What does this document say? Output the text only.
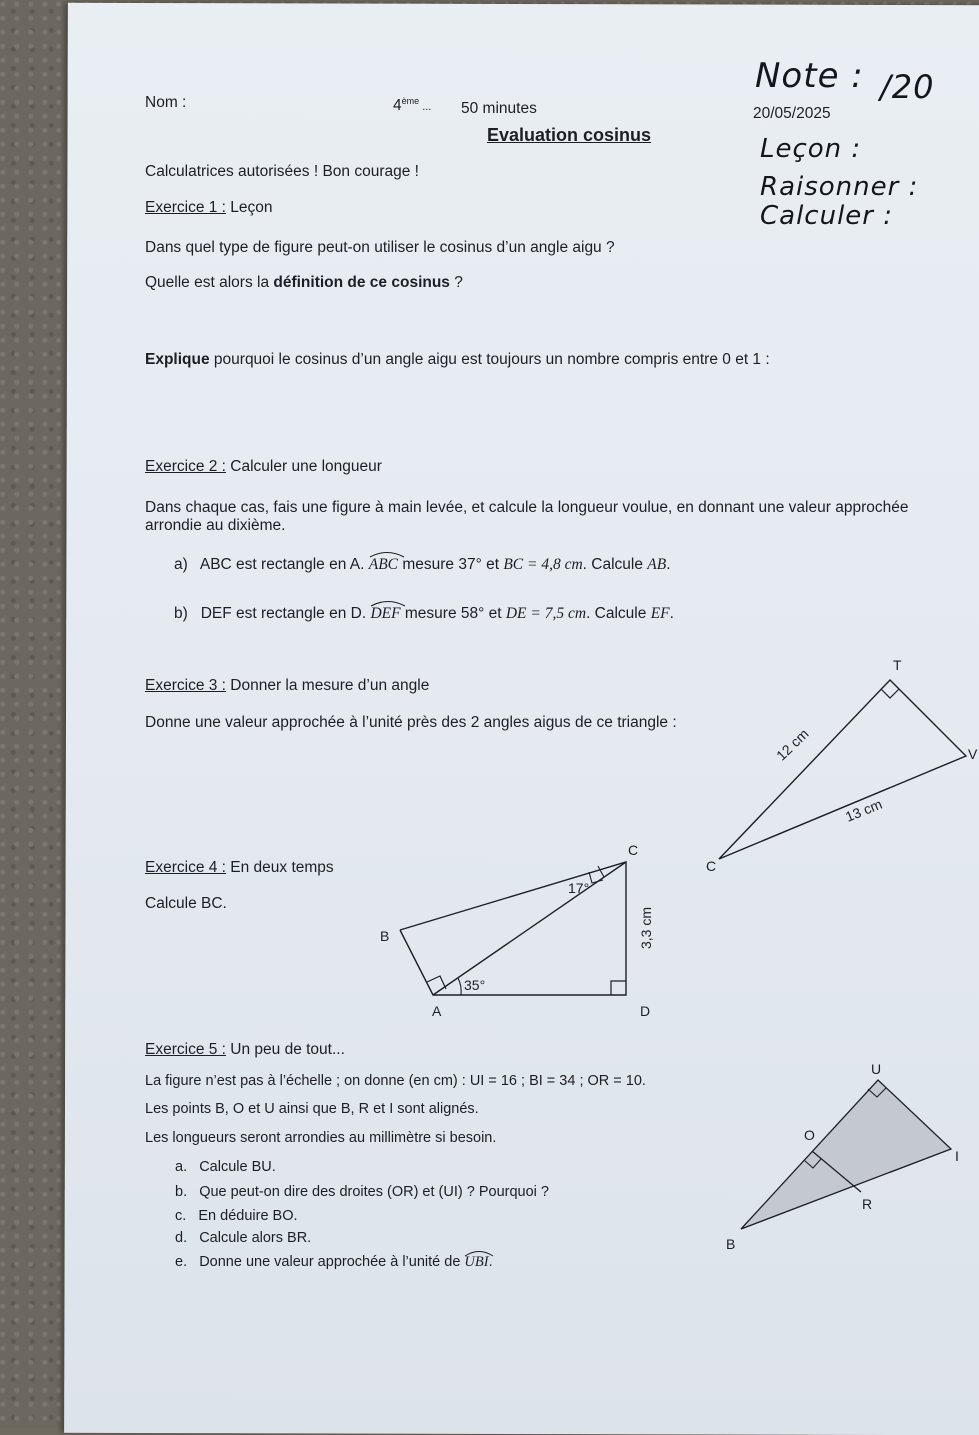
Nom :	4ème ... 50 minutes	20/05/2025
Evaluation cosinus
Calculatrices autorisées ! Bon courage !
Note : /20
Leçon :
Raisonner :
Calculer :
Exercice 1 : Leçon
Dans quel type de figure peut-on utiliser le cosinus d’un angle aigu ?
Quelle est alors la définition de ce cosinus ?
Explique pourquoi le cosinus d’un angle aigu est toujours un nombre compris entre 0 et 1 :
Exercice 2 : Calculer une longueur
Dans chaque cas, fais une figure à main levée, et calcule la longueur voulue, en donnant une valeur approchée
arrondie au dixième.
a) ABC est rectangle en A.
ABC mesure 37° et BC = 4,8 cm. Calcule AB.
b) DEF est rectangle en D.
DEF mesure 58° et DE = 7,5 cm. Calcule EF.
Exercice 3 : Donner la mesure d’un angle
Donne une valeur approchée à l’unité près des 2 angles aigus de ce triangle :
T
V
C
12 cm
13 cm
Exercice 4 : En deux temps
Calcule BC.
C
B
A	D
17°
35°
3,3 cm
Exercice 5 : Un peu de tout...
La figure n’est pas à l’échelle ; on donne (en cm) : UI = 16 ; BI = 34 ; OR = 10.
Les points B, O et U ainsi que B, R et I sont alignés.
Les longueurs seront arrondies au millimètre si besoin.
a. Calcule BU.
b. Que peut-on dire des droites (OR) et (UI) ? Pourquoi ?
c. En déduire BO.
d. Calcule alors BR.
e. Donne une valeur approchée à l’unité de
UBI.
U
O
I
R
B
